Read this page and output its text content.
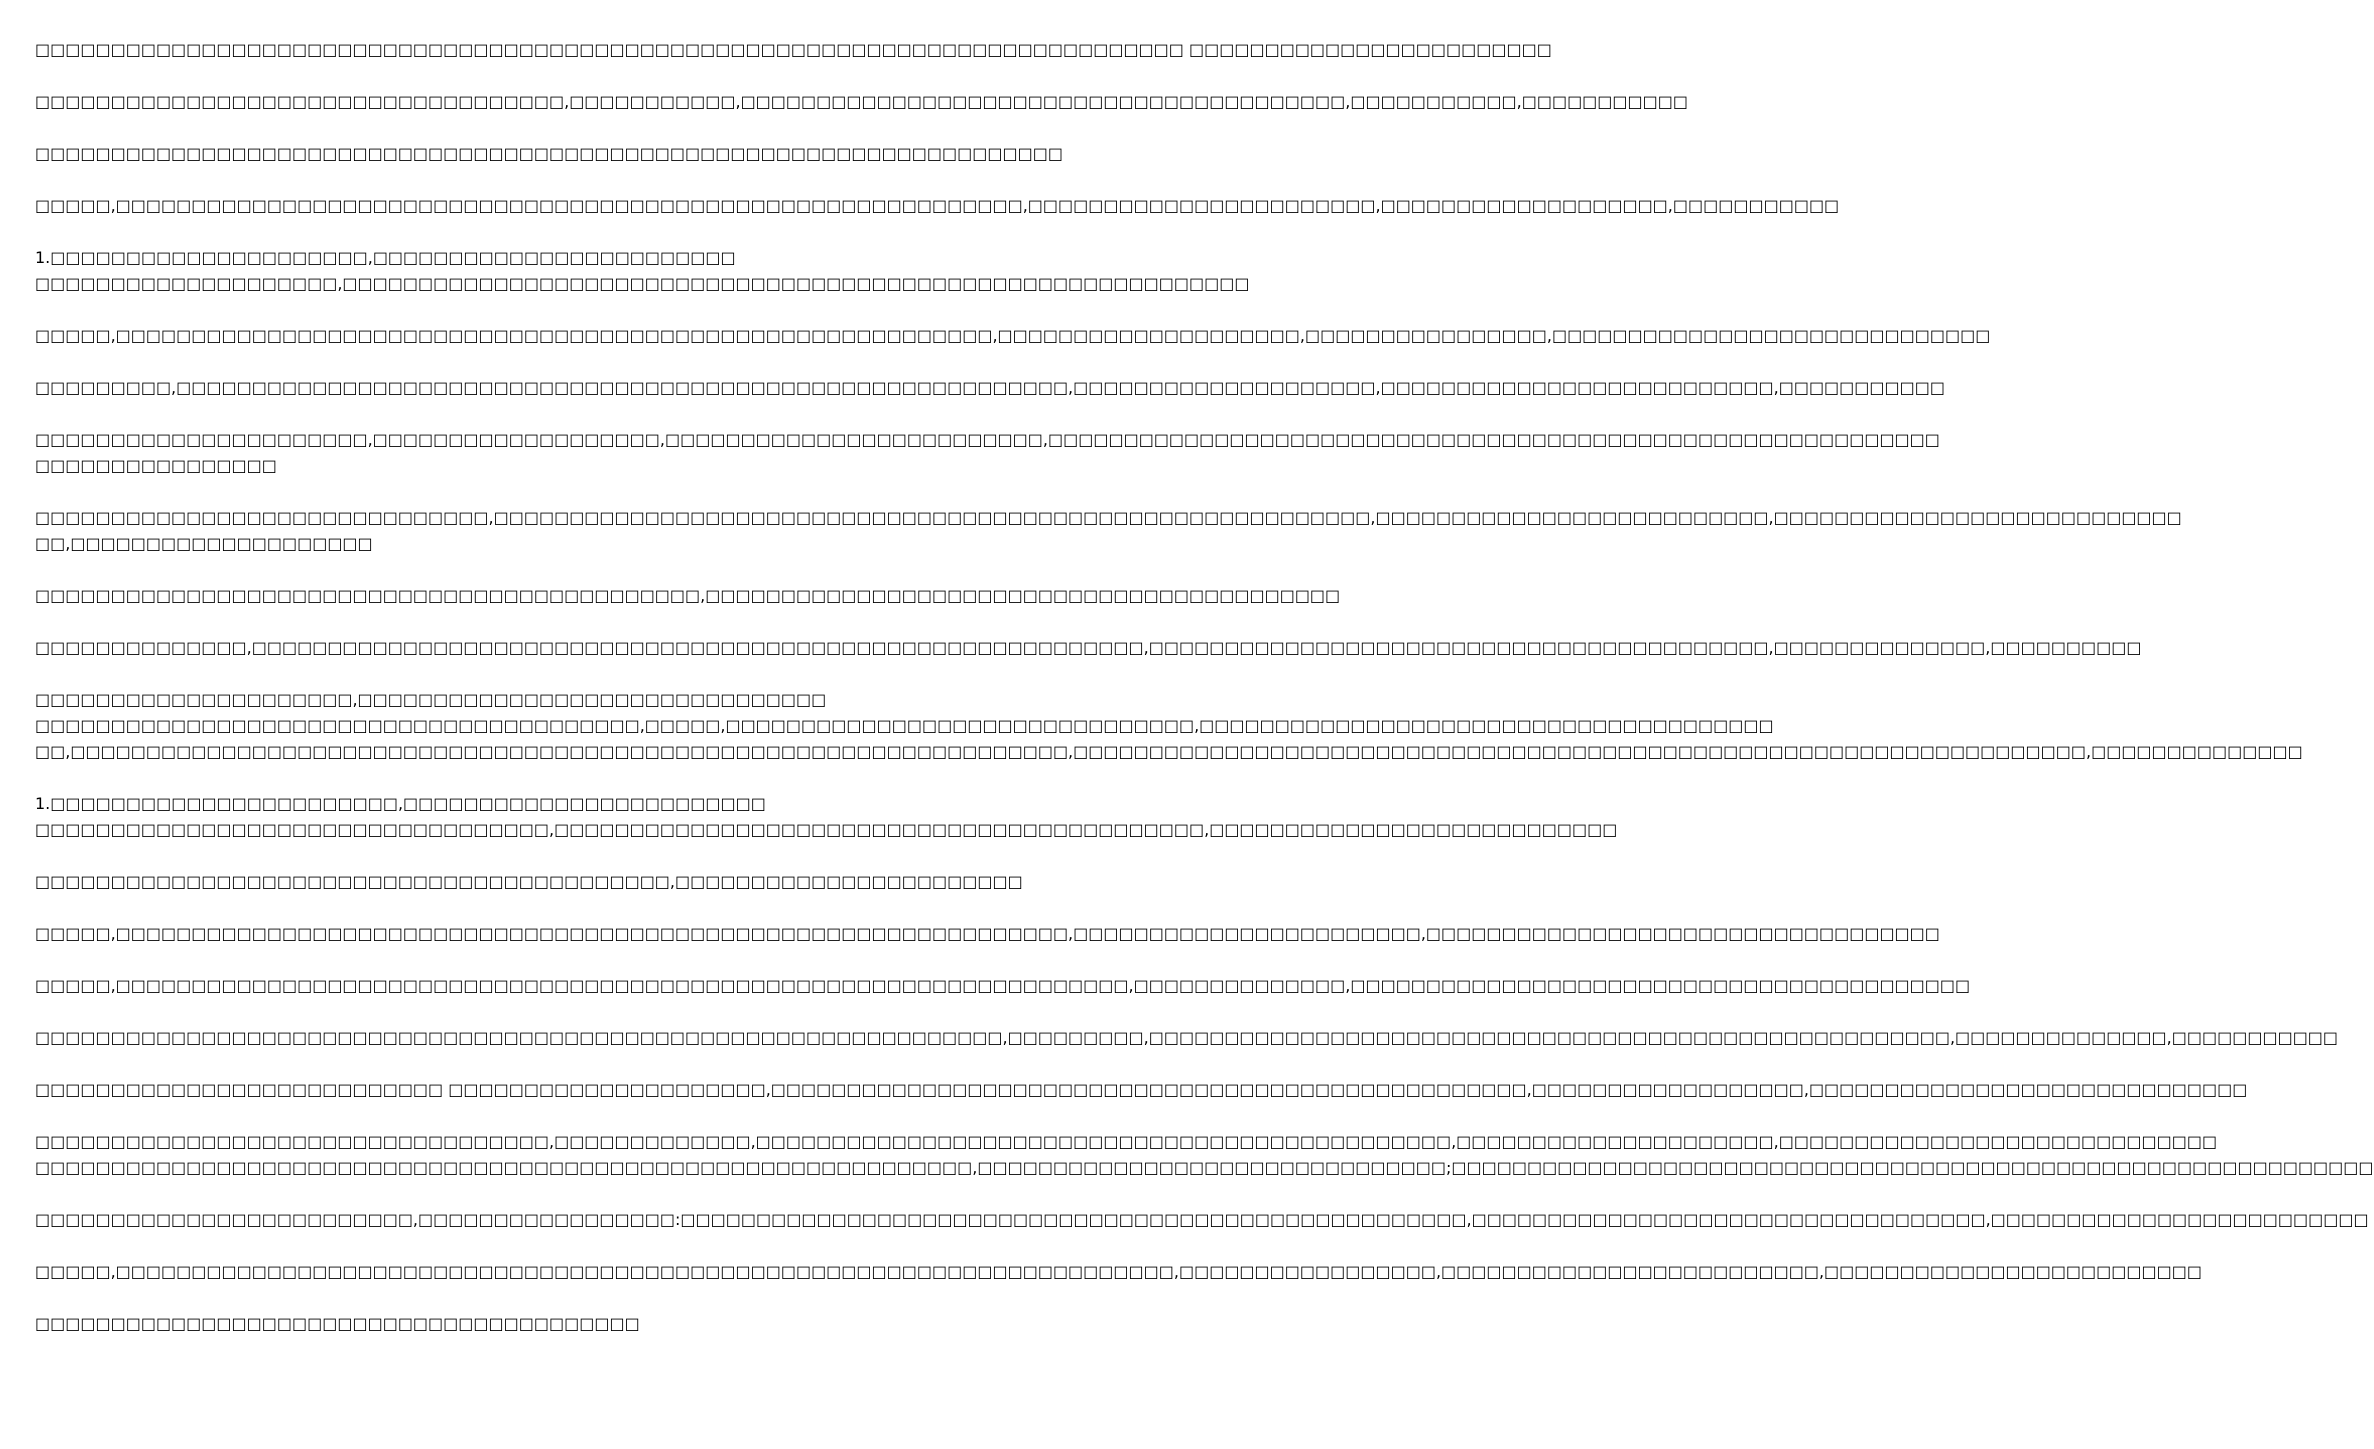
□□□□□□□□□□□□□□□□□□□□□□□□□□□□□□□□□□□□□□□□□□□□□□□□□□□□□□□□□□□□□□□□□□□□□□□□□□□□ □□□□□□□□□□□□□□□□□□□□□□□□
□□□□□□□□□□□□□□□□□□□□□□□□□□□□□□□□□□□,□□□□□□□□□□□,□□□□□□□□□□□□□□□□□□□□□□□□□□□□□□□□□□□□□□□□,□□□□□□□□□□□,□□□□□□□□□□□
□□□□□□□□□□□□□□□□□□□□□□□□□□□□□□□□□□□□□□□□□□□□□□□□□□□□□□□□□□□□□□□□□□□□
□□□□□,□□□□□□□□□□□□□□□□□□□□□□□□□□□□□□□□□□□□□□□□□□□□□□□□□□□□□□□□□□□□,□□□□□□□□□□□□□□□□□□□□□□□,□□□□□□□□□□□□□□□□□□□,□□□□□□□□□□□
1.□□□□□□□□□□□□□□□□□□□□□,□□□□□□□□□□□□□□□□□□□□□□□□
□□□□□□□□□□□□□□□□□□□□,□□□□□□□□□□□□□□□□□□□□□□□□□□□□□□□□□□□□□□□□□□□□□□□□□□□□□□□□□□□□
□□□□□,□□□□□□□□□□□□□□□□□□□□□□□□□□□□□□□□□□□□□□□□□□□□□□□□□□□□□□□□□□,□□□□□□□□□□□□□□□□□□□□,□□□□□□□□□□□□□□□□,□□□□□□□□□□□□□□□□□□□□□□□□□□□□□
□□□□□□□□□,□□□□□□□□□□□□□□□□□□□□□□□□□□□□□□□□□□□□□□□□□□□□□□□□□□□□□□□□□□□,□□□□□□□□□□□□□□□□□□□□,□□□□□□□□□□□□□□□□□□□□□□□□□□,□□□□□□□□□□□
□□□□□□□□□□□□□□□□□□□□□□,□□□□□□□□□□□□□□□□□□□,□□□□□□□□□□□□□□□□□□□□□□□□□,□□□□□□□□□□□□□□□□□□□□□□□□□□□□□□□□□□□□□□□□□□□□□□□□□□□□□□□□□□□
□□□□□□□□□□□□□□□□
□□□□□□□□□□□□□□□□□□□□□□□□□□□□□□,□□□□□□□□□□□□□□□□□□□□□□□□□□□□□□□□□□□□□□□□□□□□□□□□□□□□□□□□□□,□□□□□□□□□□□□□□□□□□□□□□□□□□,□□□□□□□□□□□□□□□□□□□□□□□□□□□
□□,□□□□□□□□□□□□□□□□□□□□
□□□□□□□□□□□□□□□□□□□□□□□□□□□□□□□□□□□□□□□□□□□□,□□□□□□□□□□□□□□□□□□□□□□□□□□□□□□□□□□□□□□□□□□
□□□□□□□□□□□□□□,□□□□□□□□□□□□□□□□□□□□□□□□□□□□□□□□□□□□□□□□□□□□□□□□□□□□□□□□□□□,□□□□□□□□□□□□□□□□□□□□□□□□□□□□□□□□□□□□□□□□□,□□□□□□□□□□□□□□,□□□□□□□□□□
□□□□□□□□□□□□□□□□□□□□□,□□□□□□□□□□□□□□□□□□□□□□□□□□□□□□□
□□□□□□□□□□□□□□□□□□□□□□□□□□□□□□□□□□□□□□□□,□□□□□,□□□□□□□□□□□□□□□□□□□□□□□□□□□□□□□,□□□□□□□□□□□□□□□□□□□□□□□□□□□□□□□□□□□□□□
□□,□□□□□□□□□□□□□□□□□□□□□□□□□□□□□□□□□□□□□□□□□□□□□□□□□□□□□□□□□□□□□□□□□□,□□□□□□□□□□□□□□□□□□□□□□□□□□□□□□□□□□□□□□□□□□□□□□□□□□□□□□□□□□□□□□□□□□□,□□□□□□□□□□□□□□
1.□□□□□□□□□□□□□□□□□□□□□□□,□□□□□□□□□□□□□□□□□□□□□□□□
□□□□□□□□□□□□□□□□□□□□□□□□□□□□□□□□□□,□□□□□□□□□□□□□□□□□□□□□□□□□□□□□□□□□□□□□□□□□□□,□□□□□□□□□□□□□□□□□□□□□□□□□□□
□□□□□□□□□□□□□□□□□□□□□□□□□□□□□□□□□□□□□□□□□□,□□□□□□□□□□□□□□□□□□□□□□□
□□□□□,□□□□□□□□□□□□□□□□□□□□□□□□□□□□□□□□□□□□□□□□□□□□□□□□□□□□□□□□□□□□□□□,□□□□□□□□□□□□□□□□□□□□□□□,□□□□□□□□□□□□□□□□□□□□□□□□□□□□□□□□□□
□□□□□,□□□□□□□□□□□□□□□□□□□□□□□□□□□□□□□□□□□□□□□□□□□□□□□□□□□□□□□□□□□□□□□□□□□,□□□□□□□□□□□□□□,□□□□□□□□□□□□□□□□□□□□□□□□□□□□□□□□□□□□□□□□□
□□□□□□□□□□□□□□□□□□□□□□□□□□□□□□□□□□□□□□□□□□□□□□□□□□□□□□□□□□□□□□□□,□□□□□□□□□,□□□□□□□□□□□□□□□□□□□□□□□□□□□□□□□□□□□□□□□□□□□□□□□□□□□□□,□□□□□□□□□□□□□□,□□□□□□□□□□□
□□□□□□□□□□□□□□□□□□□□□□□□□□□ □□□□□□□□□□□□□□□□□□□□□,□□□□□□□□□□□□□□□□□□□□□□□□□□□□□□□□□□□□□□□□□□□□□□□□□□,□□□□□□□□□□□□□□□□□□,□□□□□□□□□□□□□□□□□□□□□□□□□□□□□
□□□□□□□□□□□□□□□□□□□□□□□□□□□□□□□□□□,□□□□□□□□□□□□□,□□□□□□□□□□□□□□□□□□□□□□□□□□□□□□□□□□□□□□□□□□□□□□,□□□□□□□□□□□□□□□□□□□□□,□□□□□□□□□□□□□□□□□□□□□□□□□□□□□
□□□□□□□□□□□□□□□□□□□□□□□□□□□□□□□□□□□□□□□□□□□□□□□□□□□□□□□□□□□□□□,□□□□□□□□□□□□□□□□□□□□□□□□□□□□□□□;□□□□□□□□□□□□□□□□□□□□□□□□□□□□□□□□□□□□□□□□□□□□□□□□□□□□□□□□□□□□□
□□□□□□□□□□□□□□□□□□□□□□□□□,□□□□□□□□□□□□□□□□□:□□□□□□□□□□□□□□□□□□□□□□□□□□□□□□□□□□□□□□□□□□□□□□□□□□□□,□□□□□□□□□□□□□□□□□□□□□□□□□□□□□□□□□□,□□□□□□□□□□□□□□□□□□□□□□□□□
□□□□□,□□□□□□□□□□□□□□□□□□□□□□□□□□□□□□□□□□□□□□□□□□□□□□□□□□□□□□□□□□□□□□□□□□□□□□,□□□□□□□□□□□□□□□□□,□□□□□□□□□□□□□□□□□□□□□□□□□,□□□□□□□□□□□□□□□□□□□□□□□□□
□□□□□□□□□□□□□□□□□□□□□□□□□□□□□□□□□□□□□□□□
